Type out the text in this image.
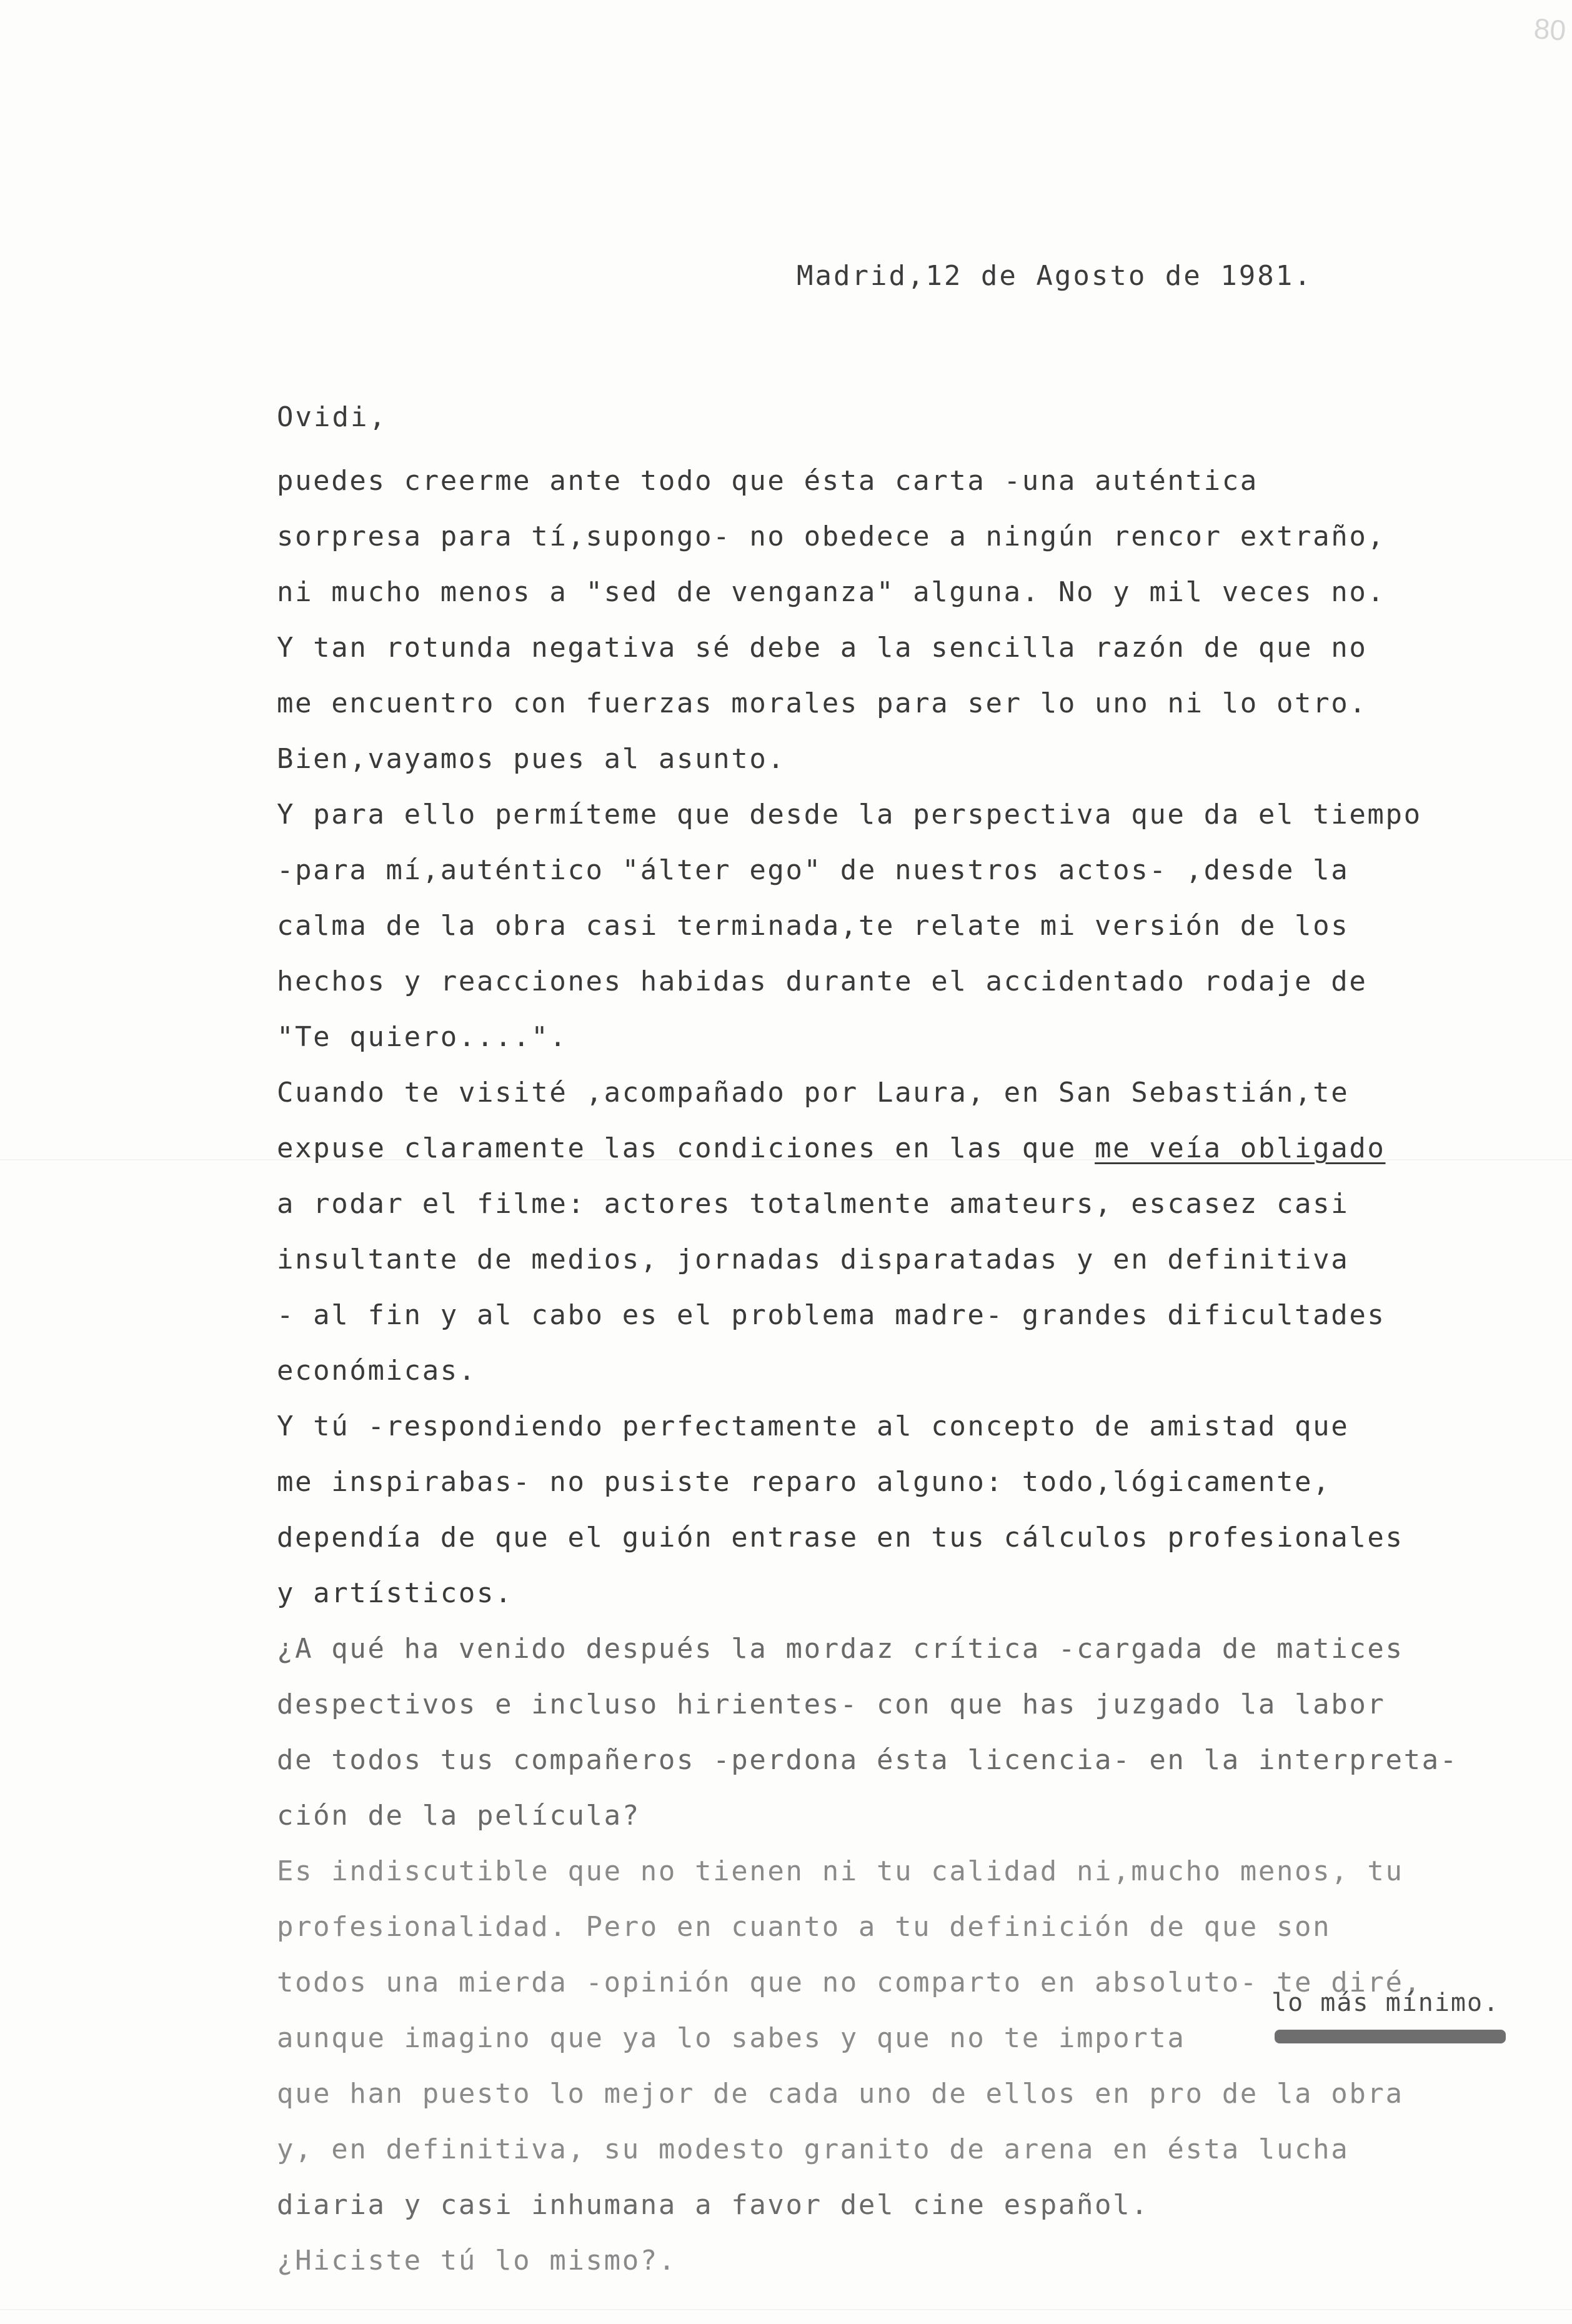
80
Madrid,12 de Agosto de 1981.
Ovidi,
puedes creerme ante todo que ésta carta -una auténtica
sorpresa para tí,supongo- no obedece a ningún rencor extraño,
ni mucho menos a "sed de venganza" alguna. No y mil veces no.
Y tan rotunda negativa sé debe a la sencilla razón de que no
me encuentro con fuerzas morales para ser lo uno ni lo otro.
Bien,vayamos pues al asunto.
Y para ello permíteme que desde la perspectiva que da el tiempo
-para mí,auténtico "álter ego" de nuestros actos- ,desde la
calma de la obra casi terminada,te relate mi versión de los
hechos y reacciones habidas durante el accidentado rodaje de
"Te quiero....".
Cuando te visité ,acompañado por Laura, en San Sebastián,te
expuse claramente las condiciones en las que me veía obligado
a rodar el filme: actores totalmente amateurs, escasez casi
insultante de medios, jornadas disparatadas y en definitiva
- al fin y al cabo es el problema madre- grandes dificultades
económicas.
Y tú -respondiendo perfectamente al concepto de amistad que
me inspirabas- no pusiste reparo alguno: todo,lógicamente,
dependía de que el guión entrase en tus cálculos profesionales
y artísticos.
¿A qué ha venido después la mordaz crítica -cargada de matices
despectivos e incluso hirientes- con que has juzgado la labor
de todos tus compañeros -perdona ésta licencia- en la interpreta-
ción de la película?
Es indiscutible que no tienen ni tu calidad ni,mucho menos, tu
profesionalidad. Pero en cuanto a tu definición de que son
todos una mierda -opinión que no comparto en absoluto- te diré,
aunque imagino que ya lo sabes y que no te importa
que han puesto lo mejor de cada uno de ellos en pro de la obra
y, en definitiva, su modesto granito de arena en ésta lucha
diaria y casi inhumana a favor del cine español.
¿Hiciste tú lo mismo?.
lo más mínimo.
